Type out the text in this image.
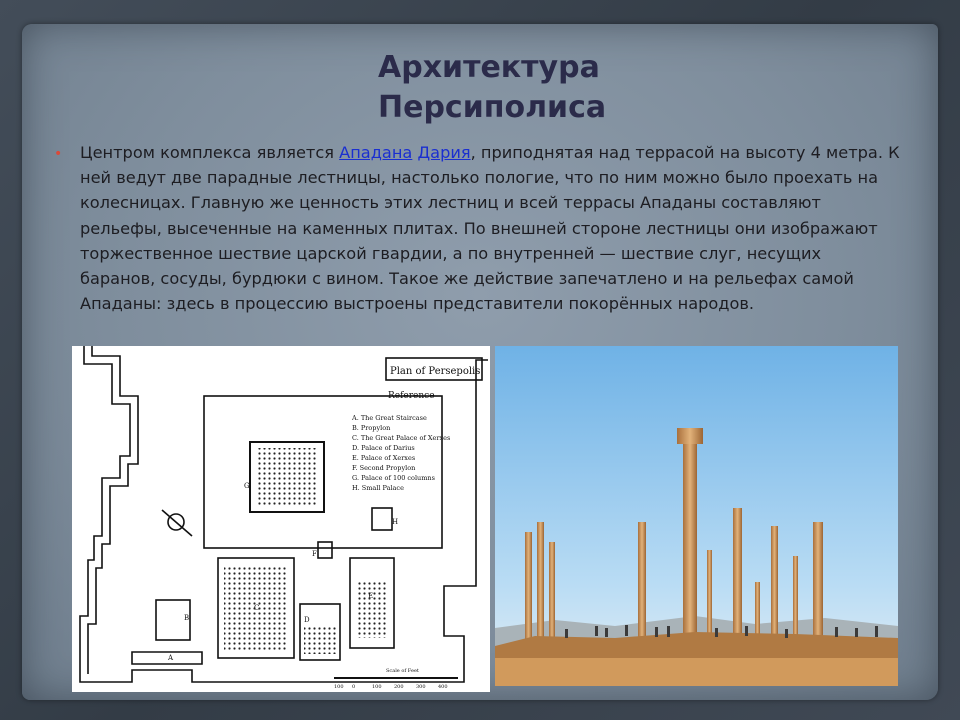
Архитектура
Персиполиса
• Центром комплекса является Ападана Дария, приподнятая над террасой на высоту 4 метра. К ней ведут две парадные лестницы, настолько пологие, что по ним можно было проехать на колесницах. Главную же ценность этих лестниц и всей террасы Ападаны составляют рельефы, высеченные на каменных плитах. По внешней стороне лестницы они изображают торжественное шествие царской гвардии, а по внутренней — шествие слуг, несущих баранов, сосуды, бурдюки с вином. Такое же действие запечатлено и на рельефах самой Ападаны: здесь в процессию выстроены представители покорённых народов.

Plan of Persepolis
Reference
A. The Great Staircase
B. Propylon
C. The Great Palace of Xerxes
D. Palace of Darius
E. Palace of Xerxes
F. Second Propylon
G. Palace of 100 columns
H. Small Palace
G
H
F
D
E
B
A
C
Scale of Feet
100 0	100 200 300 400
